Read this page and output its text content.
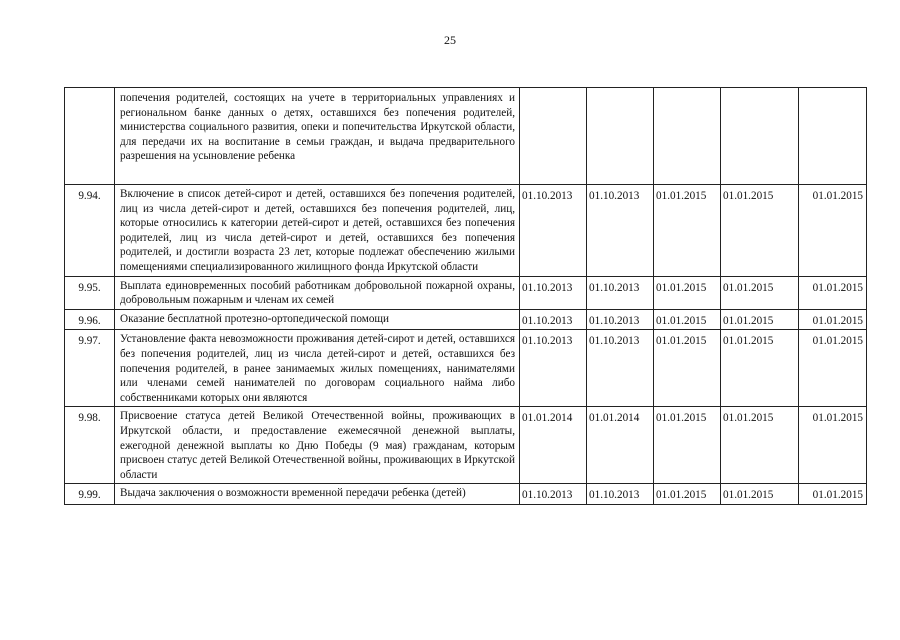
25
	попечения родителей, состоящих на учете в территориальных управлениях и региональном банке данных о детях, оставшихся без попечения родителей, министерства социального развития, опеки и попечительства Иркутской области, для передачи их на воспитание в семьи граждан, и выдача предварительного разрешения на усыновление ребенка					
9.94.	Включение в список детей-сирот и детей, оставшихся без попечения родителей, лиц из числа детей-сирот и детей, оставшихся без попечения родителей, лиц, которые относились к категории детей-сирот и детей, оставшихся без попечения родителей, лиц из числа детей-сирот и детей, оставшихся без попечения родителей, и достигли возраста 23 лет, которые подлежат обеспечению жилыми помещениями специализированного жилищного фонда Иркутской области	01.10.2013	01.10.2013	01.01.2015	01.01.2015	01.01.2015
9.95.	Выплата единовременных пособий работникам добровольной пожарной охраны, добровольным пожарным и членам их семей	01.10.2013	01.10.2013	01.01.2015	01.01.2015	01.01.2015
9.96.	Оказание бесплатной протезно-ортопедической помощи	01.10.2013	01.10.2013	01.01.2015	01.01.2015	01.01.2015
9.97.	Установление факта невозможности проживания детей-сирот и детей, оставшихся без попечения родителей, лиц из числа детей-сирот и детей, оставшихся без попечения родителей, в ранее занимаемых жилых помещениях, нанимателями или членами семей нанимателей по договорам социального найма либо собственниками которых они являются	01.10.2013	01.10.2013	01.01.2015	01.01.2015	01.01.2015
9.98.	Присвоение статуса детей Великой Отечественной войны, проживающих в Иркутской области, и предоставление ежемесячной денежной выплаты, ежегодной денежной выплаты ко Дню Победы (9 мая) гражданам, которым присвоен статус детей Великой Отечественной войны, проживающих в Иркутской области	01.01.2014	01.01.2014	01.01.2015	01.01.2015	01.01.2015
9.99.	Выдача заключения о возможности временной передачи ребенка (детей)	01.10.2013	01.10.2013	01.01.2015	01.01.2015	01.01.2015
